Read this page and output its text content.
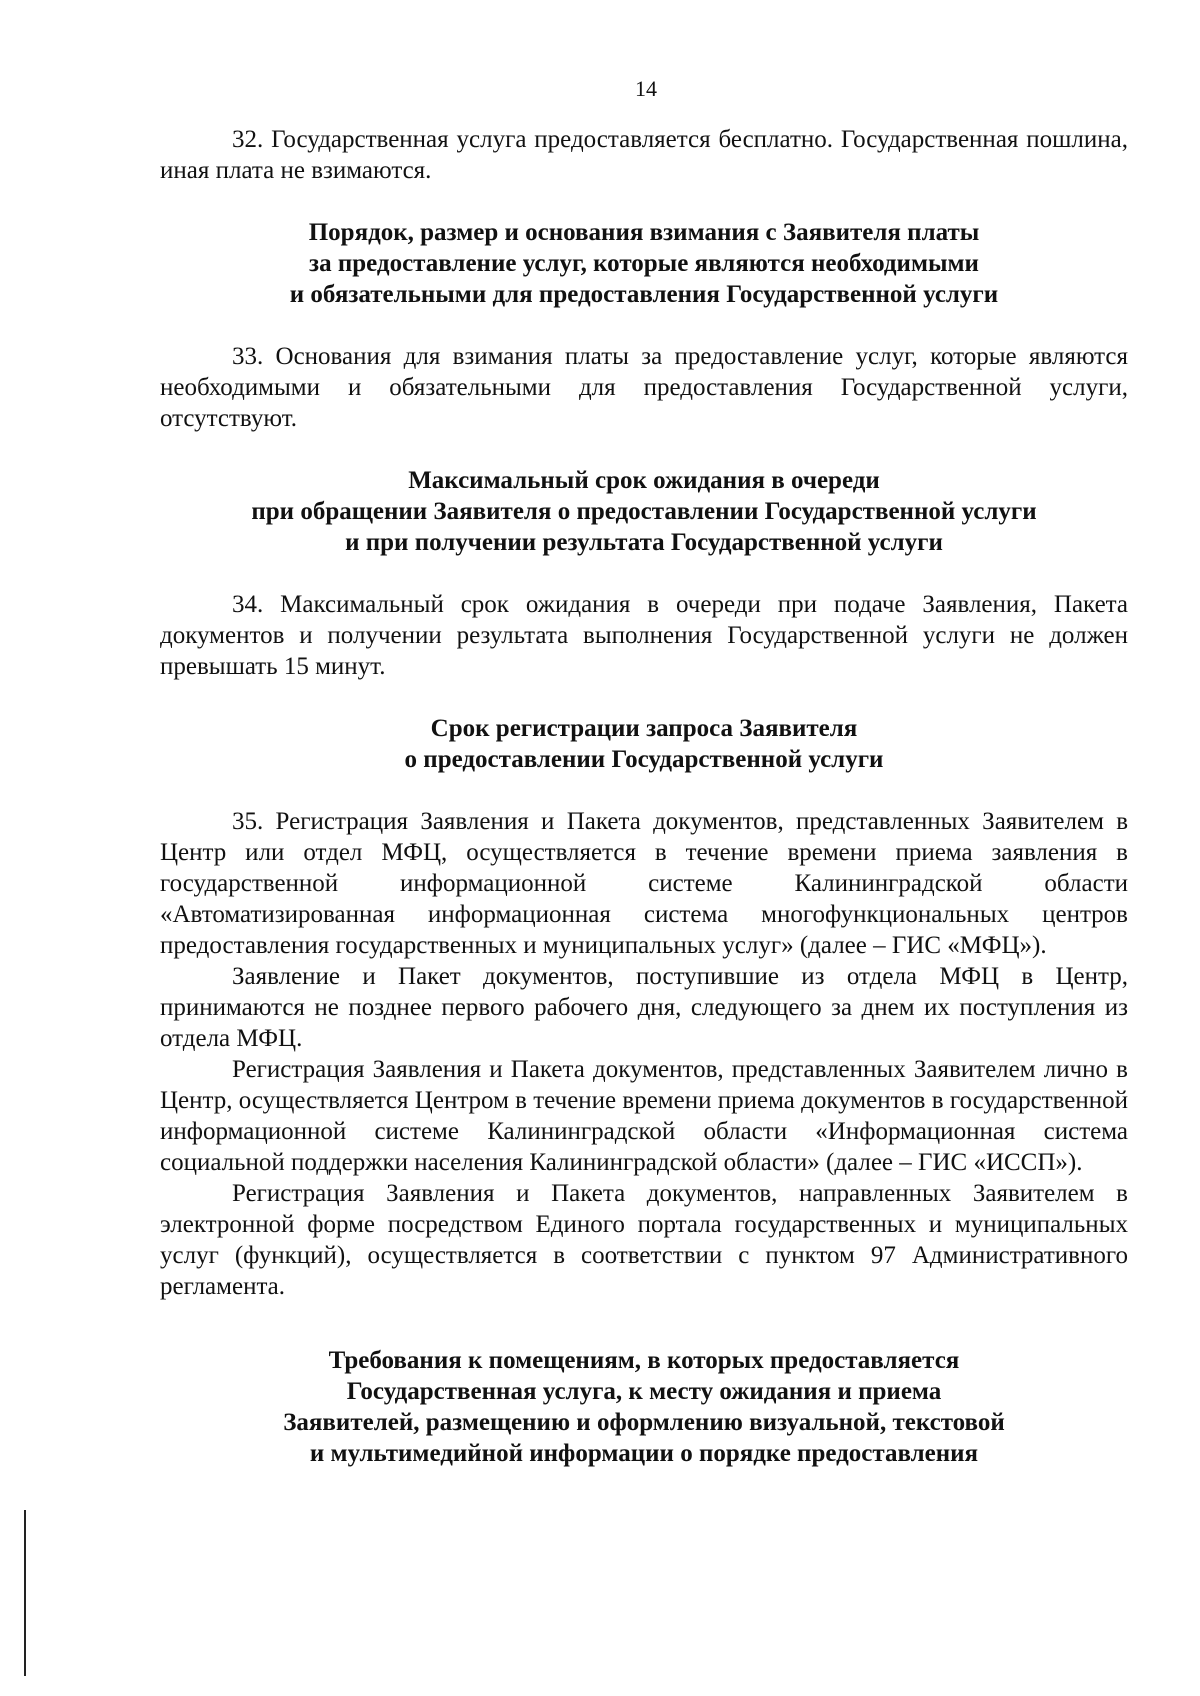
14

32. Государственная услуга предоставляется бесплатно. Государственная пошлина, иная плата не взимаются.

Порядок, размер и основания взимания с Заявителя платы
за предоставление услуг, которые являются необходимыми
и обязательными для предоставления Государственной услуги

33. Основания для взимания платы за предоставление услуг, которые являются необходимыми и обязательными для предоставления Государственной услуги, отсутствуют.

Максимальный срок ожидания в очереди
при обращении Заявителя о предоставлении Государственной услуги
и при получении результата Государственной услуги

34. Максимальный срок ожидания в очереди при подаче Заявления, Пакета документов и получении результата выполнения Государственной услуги не должен превышать 15 минут.

Срок регистрации запроса Заявителя
о предоставлении Государственной услуги

35. Регистрация Заявления и Пакета документов, представленных Заявителем в Центр или отдел МФЦ, осуществляется в течение времени приема заявления в государственной информационной системе Калининградской области «Автоматизированная информационная система многофункциональных центров предоставления государственных и муниципальных услуг» (далее – ГИС «МФЦ»).

Заявление и Пакет документов, поступившие из отдела МФЦ в Центр, принимаются не позднее первого рабочего дня, следующего за днем их поступления из отдела МФЦ.

Регистрация Заявления и Пакета документов, представленных Заявителем лично в Центр, осуществляется Центром в течение времени приема документов в государственной информационной системе Калининградской области «Информационная система социальной поддержки населения Калининградской области» (далее – ГИС «ИССП»).

Регистрация Заявления и Пакета документов, направленных Заявителем в электронной форме посредством Единого портала государственных и муниципальных услуг (функций), осуществляется в соответствии с пунктом 97 Административного регламента.

Требования к помещениям, в которых предоставляется
Государственная услуга, к месту ожидания и приема
Заявителей, размещению и оформлению визуальной, текстовой
и мультимедийной информации о порядке предоставления
